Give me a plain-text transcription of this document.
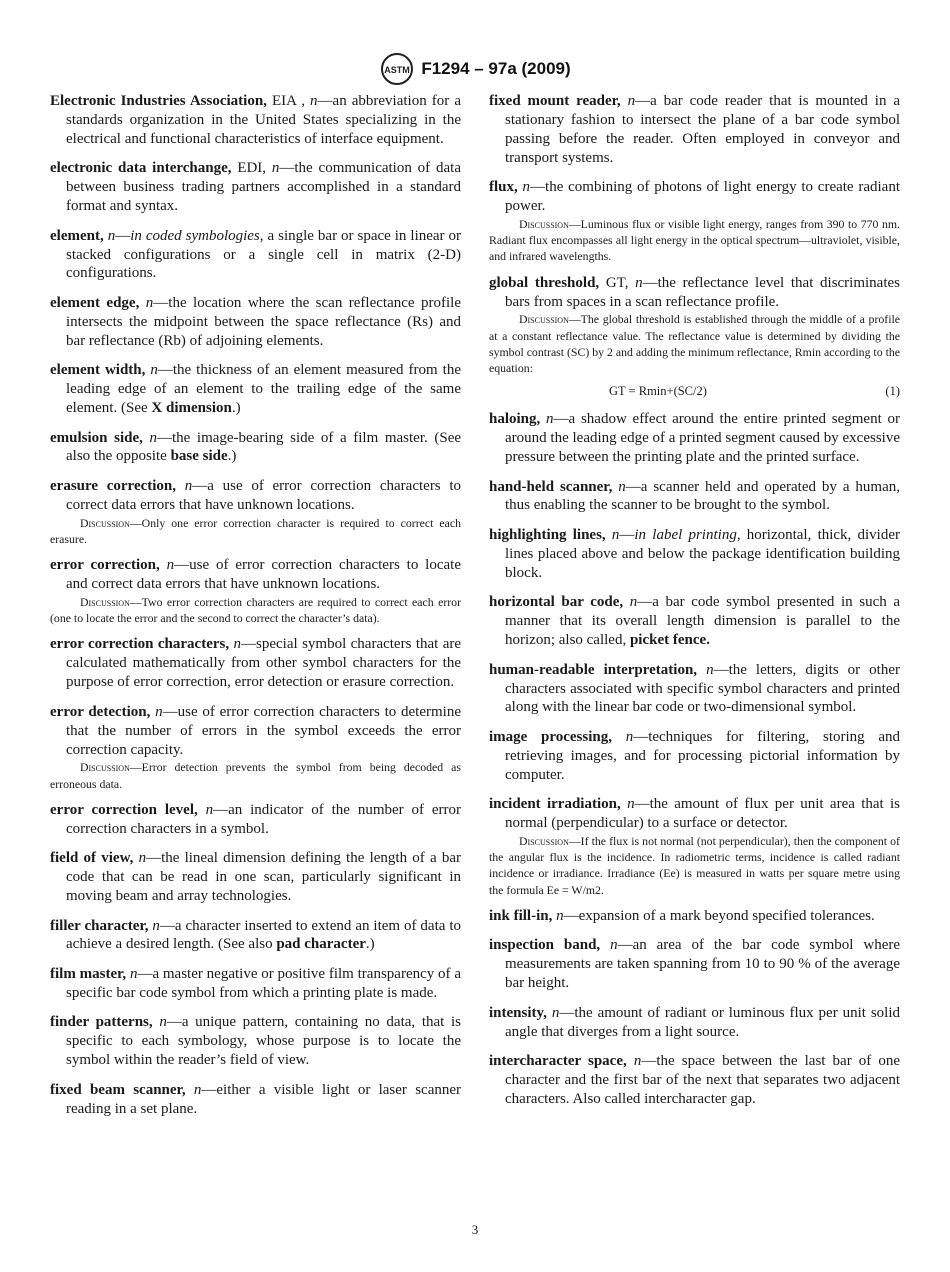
ASTM F1294 – 97a (2009)

Electronic Industries Association, EIA , n—an abbreviation for a standards organization in the United States specializing in the electrical and functional characteristics of interface equipment.

electronic data interchange, EDI, n—the communication of data between business trading partners accomplished in a standard format and syntax.

element, n—in coded symbologies, a single bar or space in linear or stacked configurations or a single cell in matrix (2-D) configurations.

element edge, n—the location where the scan reflectance profile intersects the midpoint between the space reflectance (Rs) and bar reflectance (Rb) of adjoining elements.

element width, n—the thickness of an element measured from the leading edge of an element to the trailing edge of the same element. (See X dimension.)

emulsion side, n—the image-bearing side of a film master. (See also the opposite base side.)

erasure correction, n—a use of error correction characters to correct data errors that have unknown locations.

Discussion—Only one error correction character is required to correct each erasure.

error correction, n—use of error correction characters to locate and correct data errors that have unknown locations.

Discussion—Two error correction characters are required to correct each error (one to locate the error and the second to correct the character’s data).

error correction characters, n—special symbol characters that are calculated mathematically from other symbol characters for the purpose of error correction, error detection or erasure correction.

error detection, n—use of error correction characters to determine that the number of errors in the symbol exceeds the error correction capacity.

Discussion—Error detection prevents the symbol from being decoded as erroneous data.

error correction level, n—an indicator of the number of error correction characters in a symbol.

field of view, n—the lineal dimension defining the length of a bar code that can be read in one scan, particularly significant in moving beam and array technologies.

filler character, n—a character inserted to extend an item of data to achieve a desired length. (See also pad character.)

film master, n—a master negative or positive film transparency of a specific bar code symbol from which a printing plate is made.

finder patterns, n—a unique pattern, containing no data, that is specific to each symbology, whose purpose is to locate the symbol within the reader’s field of view.

fixed beam scanner, n—either a visible light or laser scanner reading in a set plane.

fixed mount reader, n—a bar code reader that is mounted in a stationary fashion to intersect the plane of a bar code symbol passing before the reader. Often employed in conveyor and transport systems.

flux, n—the combining of photons of light energy to create radiant power.

Discussion—Luminous flux or visible light energy, ranges from 390 to 770 nm. Radiant flux encompasses all light energy in the optical spectrum—ultraviolet, visible, and infrared wavelengths.

global threshold, GT, n—the reflectance level that discriminates bars from spaces in a scan reflectance profile.

Discussion—The global threshold is established through the middle of a profile at a constant reflectance value. The reflectance value is determined by dividing the symbol contrast (SC) by 2 and adding the minimum reflectance, Rmin according to the equation:

GT = Rmin+(SC/2)	(1)

haloing, n—a shadow effect around the entire printed segment or around the leading edge of a printed segment caused by excessive pressure between the printing plate and the printed surface.

hand-held scanner, n—a scanner held and operated by a human, thus enabling the scanner to be brought to the symbol.

highlighting lines, n—in label printing, horizontal, thick, divider lines placed above and below the package identification building block.

horizontal bar code, n—a bar code symbol presented in such a manner that its overall length dimension is parallel to the horizon; also called, picket fence.

human-readable interpretation, n—the letters, digits or other characters associated with specific symbol characters and printed along with the linear bar code or two-dimensional symbol.

image processing, n—techniques for filtering, storing and retrieving images, and for processing pictorial information by computer.

incident irradiation, n—the amount of flux per unit area that is normal (perpendicular) to a surface or detector.

Discussion—If the flux is not normal (not perpendicular), then the component of the angular flux is the incidence. In radiometric terms, incidence is called radiant incidence or irradiance. Irradiance (Ee) is measured in watts per square metre using the formula Ee = W/m2.

ink fill-in, n—expansion of a mark beyond specified tolerances.

inspection band, n—an area of the bar code symbol where measurements are taken spanning from 10 to 90 % of the average bar height.

intensity, n—the amount of radiant or luminous flux per unit solid angle that diverges from a light source.

intercharacter space, n—the space between the last bar of one character and the first bar of the next that separates two adjacent characters. Also called intercharacter gap.

3
